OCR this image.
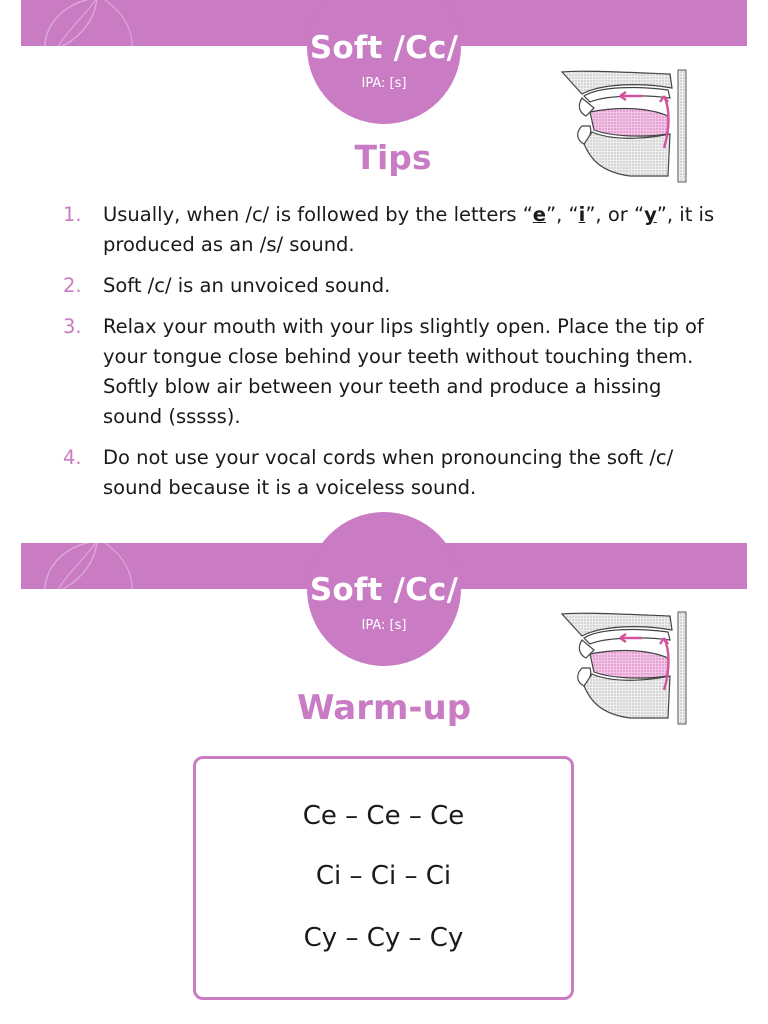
Soft /Cc/
IPA: [s]
Tips
1. Usually, when /c/ is followed by the letters “e”, “i”, or “y”, it is produced as an /s/ sound.
2. Soft /c/ is an unvoiced sound.
3. Relax your mouth with your lips slightly open. Place the tip of your tongue close behind your teeth without touching them. Softly blow air between your teeth and produce a hissing sound (sssss).
4. Do not use your vocal cords when pronouncing the soft /c/ sound because it is a voiceless sound.
Soft /Cc/
IPA: [s]
Warm-up
Ce – Ce – Ce
Ci – Ci – Ci
Cy – Cy – Cy
